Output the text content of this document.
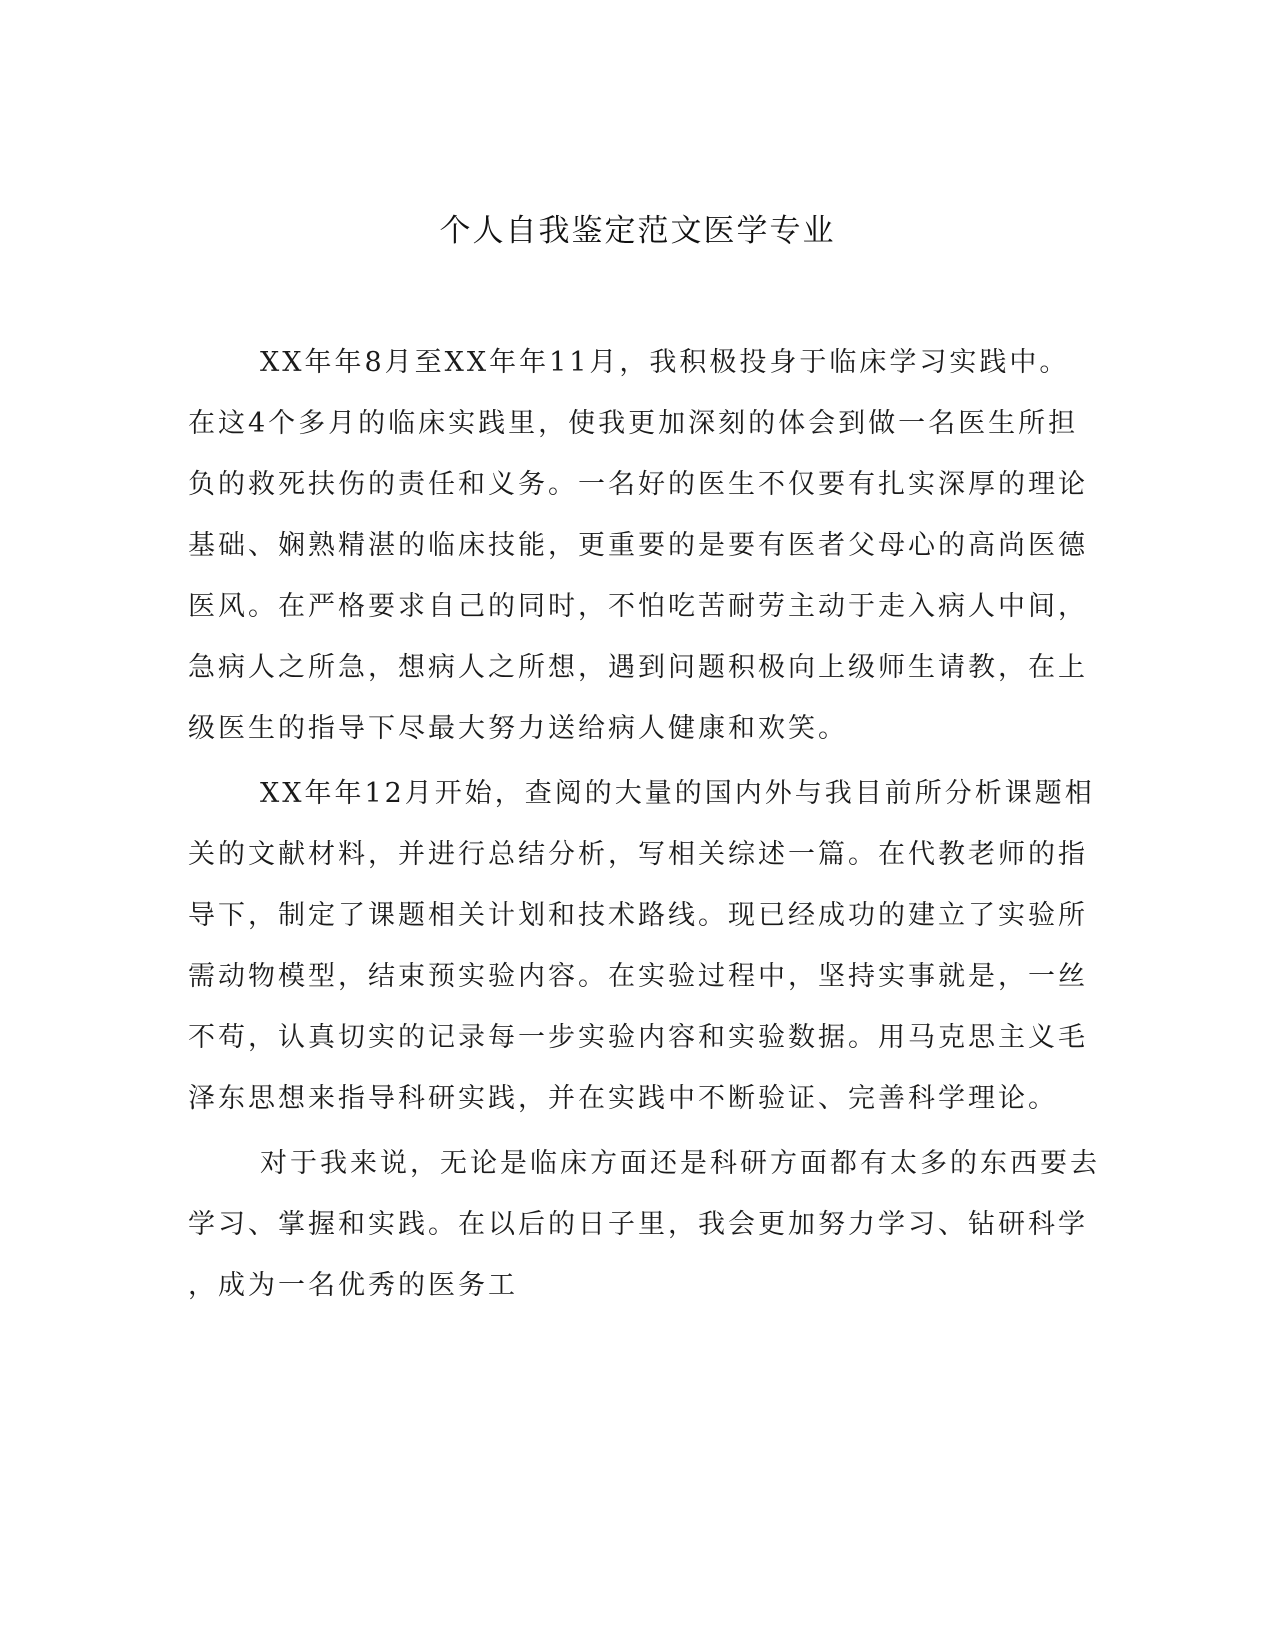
个人自我鉴定范文医学专业
XX年年8月至XX年年11月，我积极投身于临床学习实践中。
在这4个多月的临床实践里，使我更加深刻的体会到做一名医生所担
负的救死扶伤的责任和义务。一名好的医生不仅要有扎实深厚的理论
基础、娴熟精湛的临床技能，更重要的是要有医者父母心的高尚医德
医风。在严格要求自己的同时，不怕吃苦耐劳主动于走入病人中间，
急病人之所急，想病人之所想，遇到问题积极向上级师生请教，在上
级医生的指导下尽最大努力送给病人健康和欢笑。
XX年年12月开始，查阅的大量的国内外与我目前所分析课题相
关的文献材料，并进行总结分析，写相关综述一篇。在代教老师的指
导下，制定了课题相关计划和技术路线。现已经成功的建立了实验所
需动物模型，结束预实验内容。在实验过程中，坚持实事就是，一丝
不苟，认真切实的记录每一步实验内容和实验数据。用马克思主义毛
泽东思想来指导科研实践，并在实践中不断验证、完善科学理论。
对于我来说，无论是临床方面还是科研方面都有太多的东西要去
学习、掌握和实践。在以后的日子里，我会更加努力学习、钻研科学
，成为一名优秀的医务工
